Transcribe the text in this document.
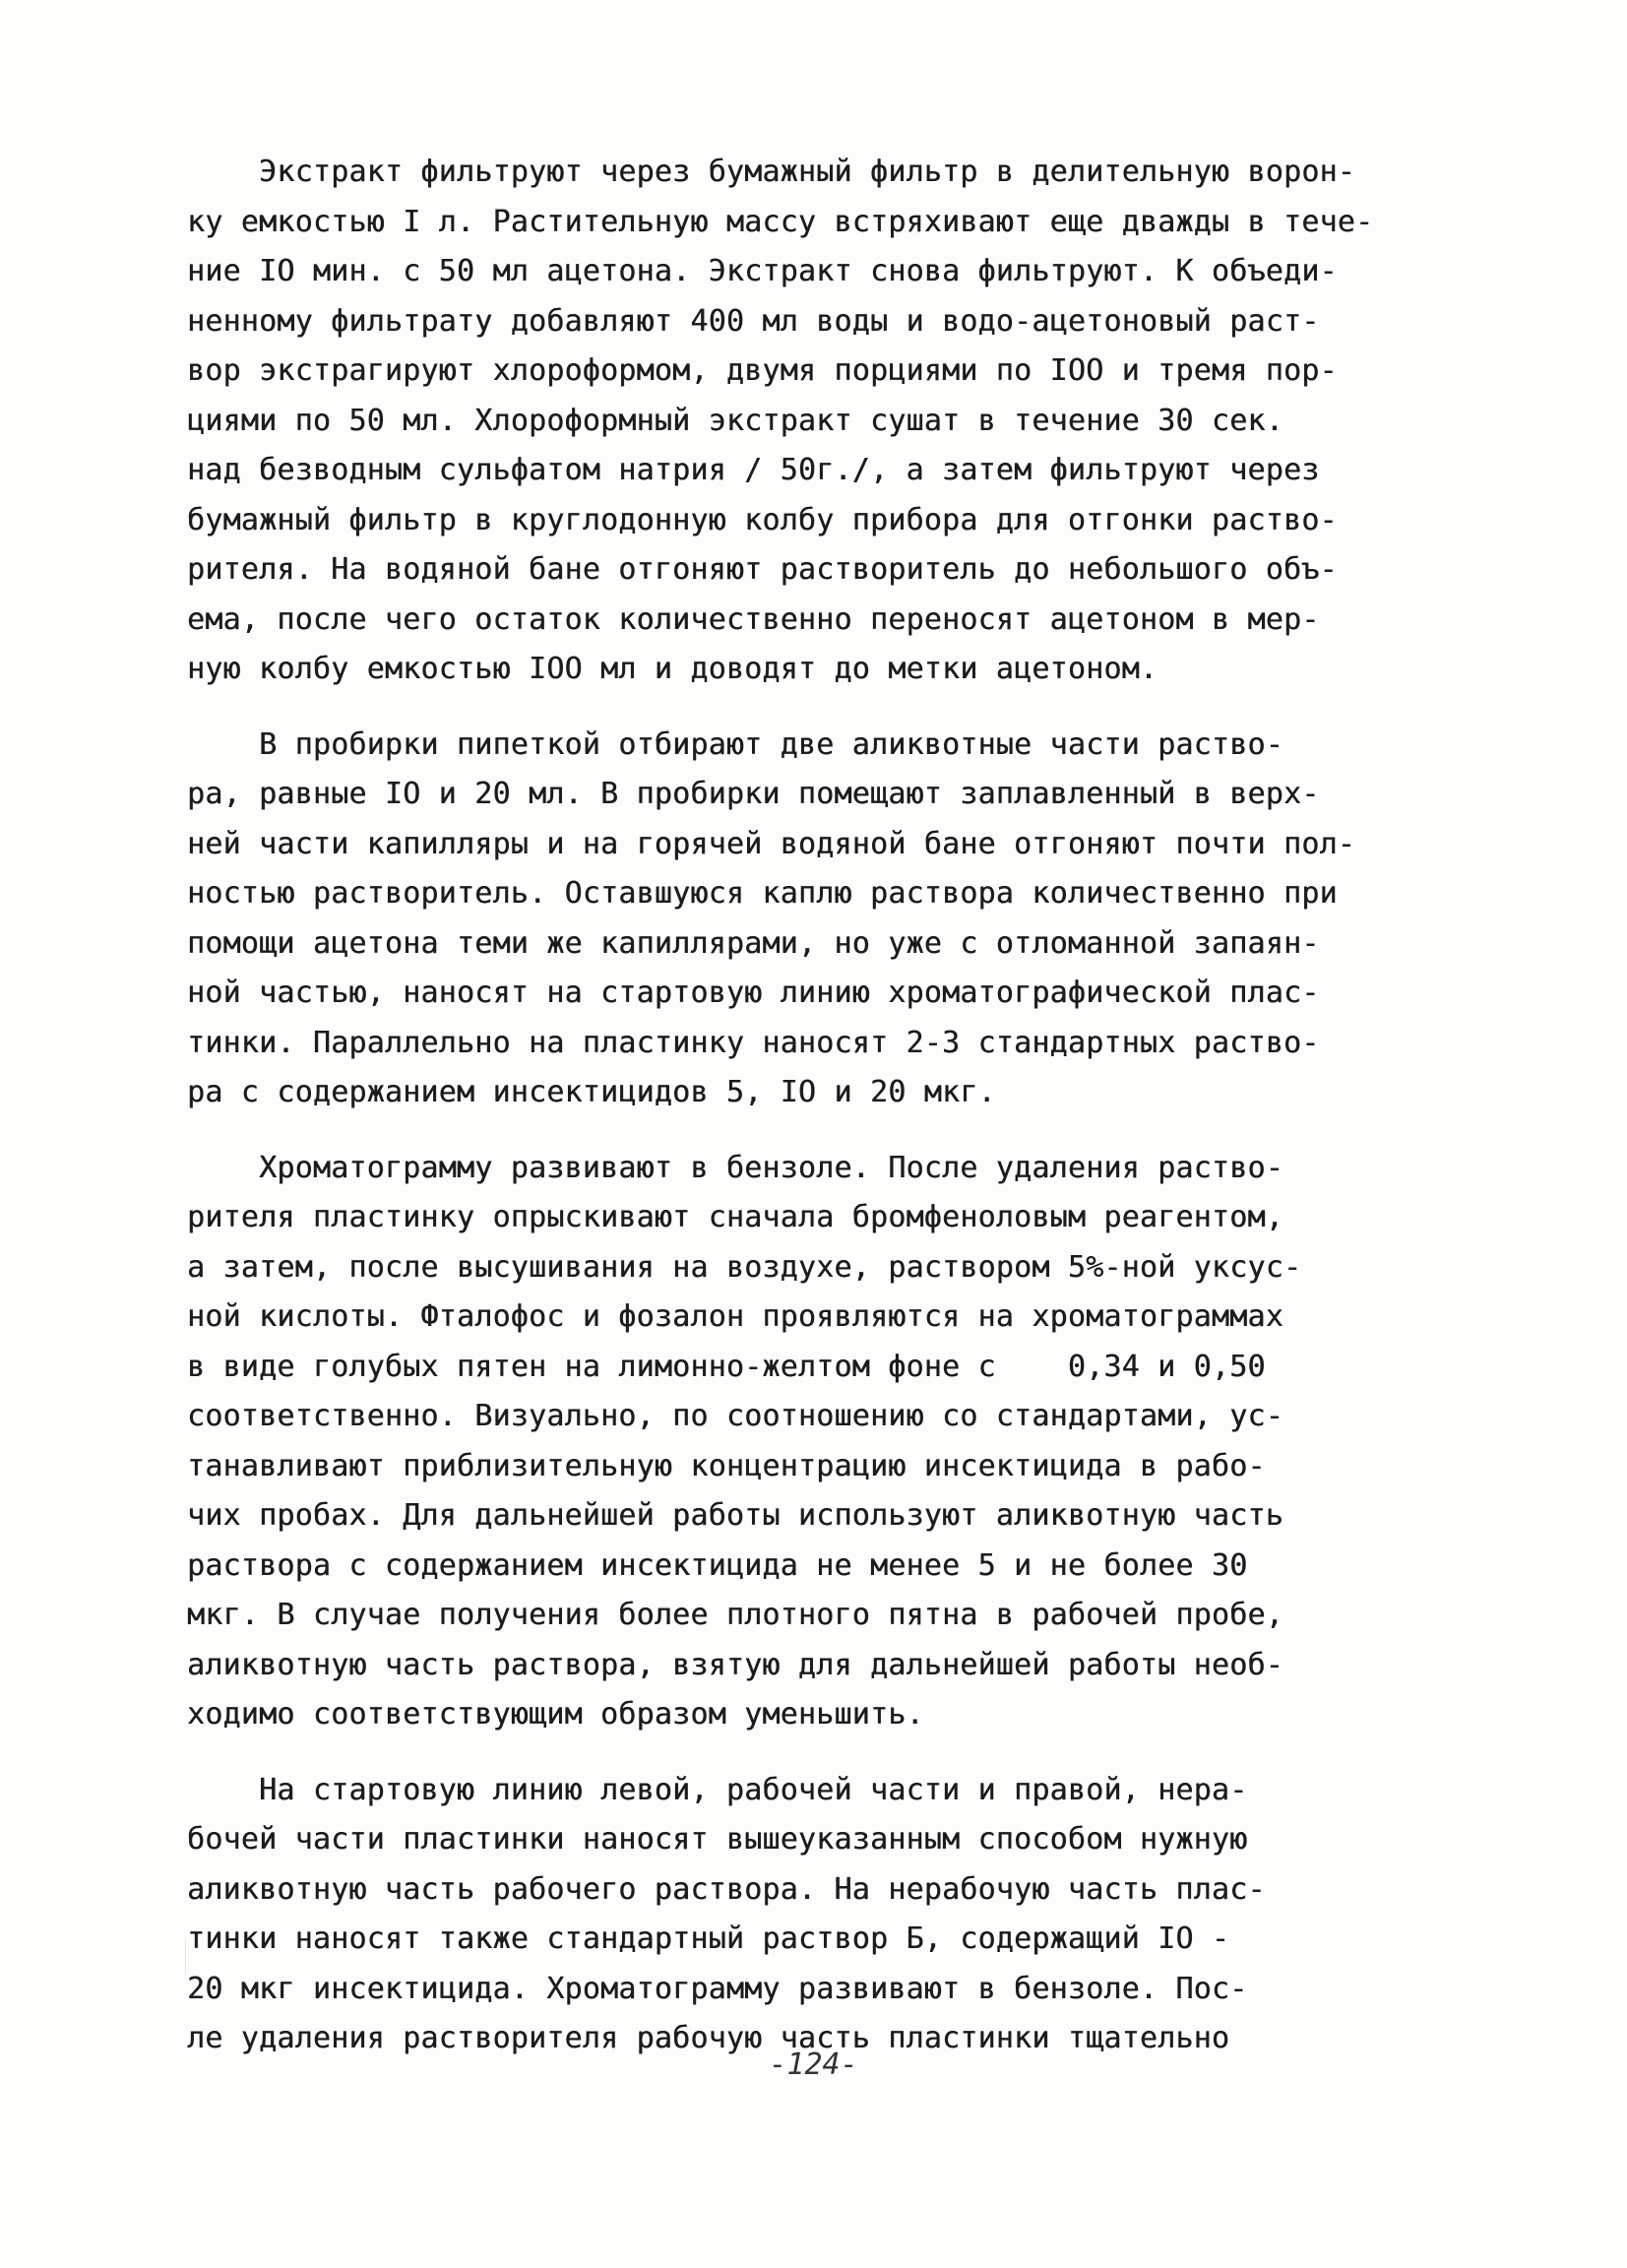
Экстракт фильтруют через бумажный фильтр в делительную ворон-
ку емкостью I л. Растительную массу встряхивают еще дважды в тече-
ние IO мин. с 50 мл ацетона. Экстракт снова фильтруют. К объеди-
ненному фильтрату добавляют 400 мл воды и водо-ацетоновый раст-
вор экстрагируют хлороформом, двумя порциями по IOO и тремя пор-
циями по 50 мл. Хлороформный экстракт сушат в течение 30 сек.
над безводным сульфатом натрия / 50г./, а затем фильтруют через
бумажный фильтр в круглодонную колбу прибора для отгонки раство-
рителя. На водяной бане отгоняют растворитель до небольшого объ-
ема, после чего остаток количественно переносят ацетоном в мер-
ную колбу емкостью IOO мл и доводят до метки ацетоном.
В пробирки пипеткой отбирают две аликвотные части раство-
ра, равные IO и 20 мл. В пробирки помещают заплавленный в верх-
ней части капилляры и на горячей водяной бане отгоняют почти пол-
ностью растворитель. Оставшуюся каплю раствора количественно при
помощи ацетона теми же капиллярами, но уже с отломанной запаян-
ной частью, наносят на стартовую линию хроматографической плас-
тинки. Параллельно на пластинку наносят 2-3 стандартных раство-
ра с содержанием инсектицидов 5, IO и 20 мкг.
Хроматограмму развивают в бензоле. После удаления раство-
рителя пластинку опрыскивают сначала бромфеноловым реагентом,
а затем, после высушивания на воздухе, раствором 5%-ной уксус-
ной кислоты. Фталофос и фозалон проявляются на хроматограммах
в виде голубых пятен на лимонно-желтом фоне с    0,34 и 0,50
соответственно. Визуально, по соотношению со стандартами, ус-
танавливают приблизительную концентрацию инсектицида в рабо-
чих пробах. Для дальнейшей работы используют аликвотную часть
раствора с содержанием инсектицида не менее 5 и не более 30
мкг. В случае получения более плотного пятна в рабочей пробе,
аликвотную часть раствора, взятую для дальнейшей работы необ-
ходимо соответствующим образом уменьшить.
На стартовую линию левой, рабочей части и правой, нера-
бочей части пластинки наносят вышеуказанным способом нужную
аликвотную часть рабочего раствора. На нерабочую часть плас-
тинки наносят также стандартный раствор Б, содержащий IO -
20 мкг инсектицида. Хроматограмму развивают в бензоле. Пос-
ле удаления растворителя рабочую часть пластинки тщательно
-124-
